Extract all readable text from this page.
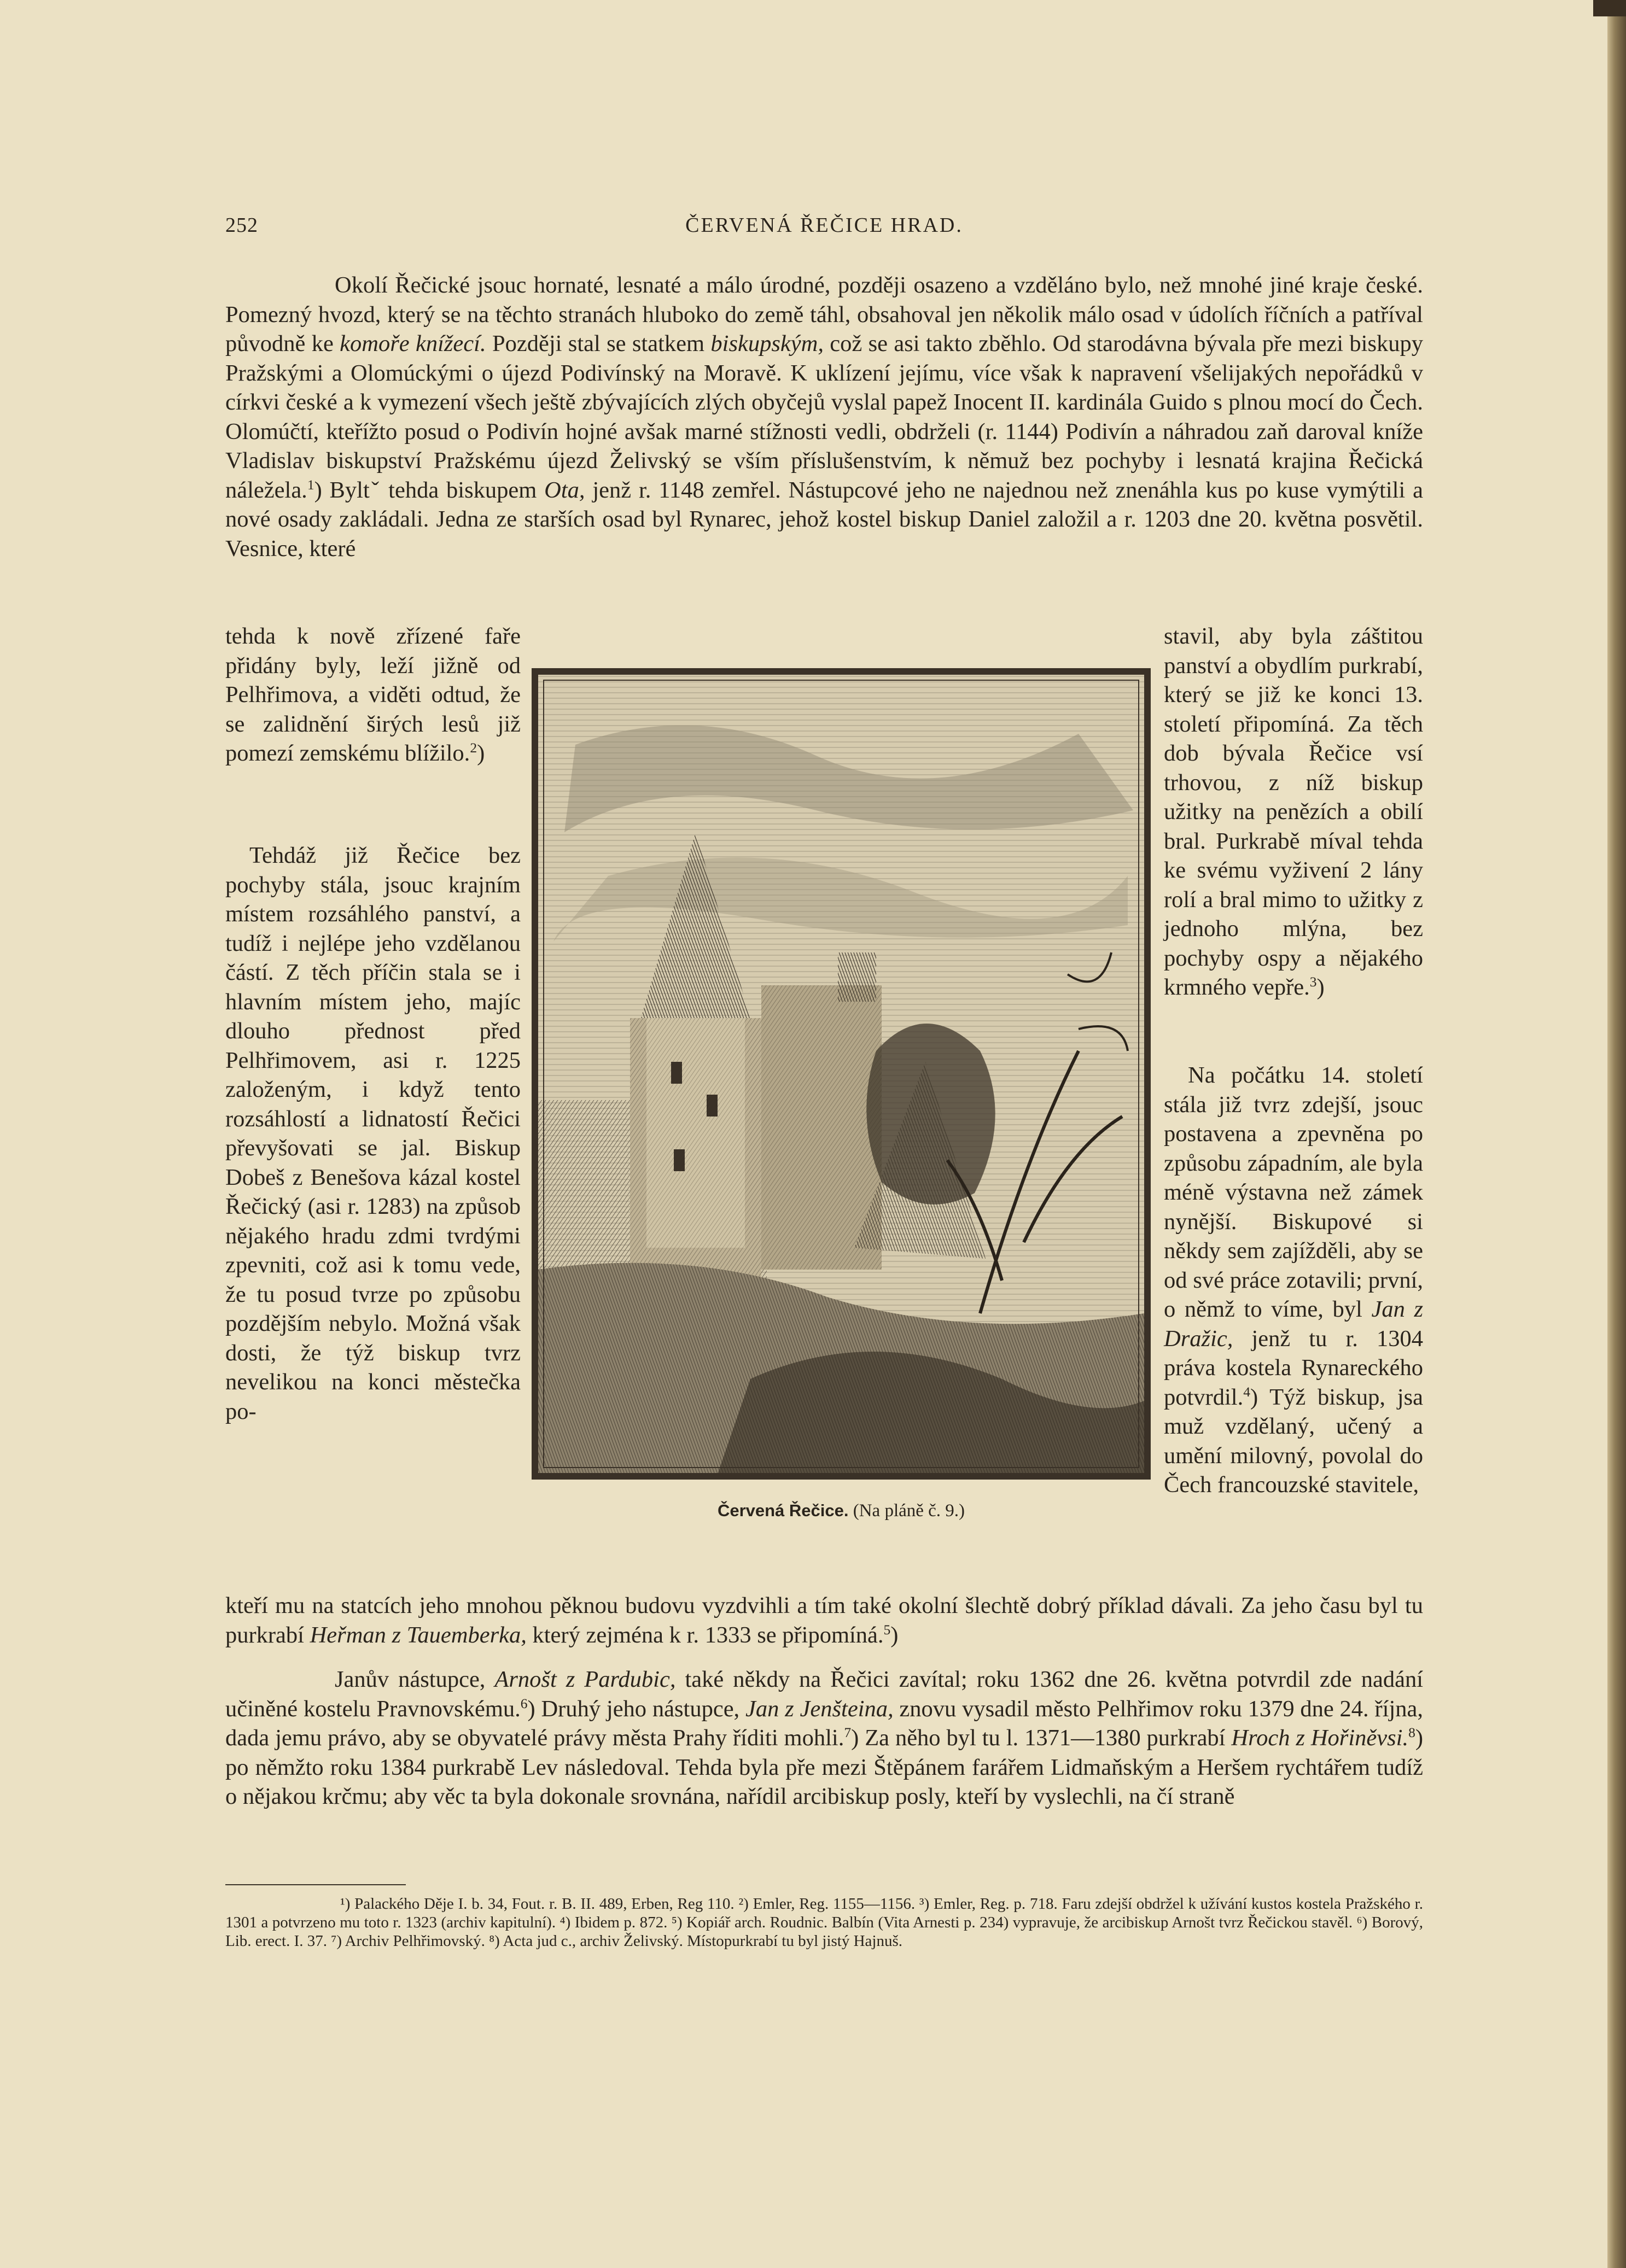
252	ČERVENÁ ŘEČICE HRAD.

Okolí Řečické jsouc hornaté, lesnaté a málo úrodné, později osazeno a vzděláno bylo, než mnohé jiné kraje české. Pomezný hvozd, který se na těchto stranách hluboko do země táhl, obsahoval jen několik málo osad v údolích říčních a patříval původně ke komoře knížecí. Později stal se statkem biskupským, což se asi takto zběhlo. Od starodávna bývala pře mezi biskupy Pražskými a Olomúckými o újezd Podivínský na Moravě. K uklízení jejímu, více však k napravení všelijakých nepořádků v církvi české a k vymezení všech ještě zbývajících zlých obyčejů vyslal papež Inocent II. kardinála Guido s plnou mocí do Čech. Olomúčtí, kteřížto posud o Podivín hojné avšak marné stížnosti vedli, obdrželi (r. 1144) Podivín a náhradou zaň daroval kníže Vladislav biskupství Pražskému újezd Želivský se vším příslušenstvím, k němuž bez pochyby i lesnatá krajina Řečická náležela.$^1$) Byltˇ tehda biskupem Ota, jenž r. 1148 zemřel. Nástupcové jeho ne najednou než znenáhla kus po kuse vymýtili a nové osady zakládali. Jedna ze starších osad byl Rynarec, jehož kostel biskup Daniel založil a r. 1203 dne 20. května posvětil. Vesnice, které

tehda k nově zřízené faře přidány byly, leží jižně od Pelhřimova, a viděti odtud, že se zalidnění širých lesů již pomezí zemskému blížilo.$^2$)

Tehdáž již Řečice bez pochyby stála, jsouc krajním místem rozsáhlého panství, a tudíž i nejlépe jeho vzdělanou částí. Z těch příčin stala se i hlavním místem jeho, majíc dlouho přednost před Pelhřimovem, asi r. 1225 založeným, i když tento rozsáhlostí a lidnatostí Řečici převyšovati se jal. Biskup Dobeš z Benešova kázal kostel Řečický (asi r. 1283) na způsob nějakého hradu zdmi tvrdými zpevniti, což asi k tomu vede, že tu posud tvrze po způsobu pozdějším nebylo. Možná však dosti, že týž biskup tvrz nevelikou na konci městečka po-

stavil, aby byla záštitou panství a obydlím purkrabí, který se již ke konci 13. století připomíná. Za těch dob bývala Řečice vsí trhovou, z níž biskup užitky na penězích a obilí bral. Purkrabě míval tehda ke svému vyživení 2 lány rolí a bral mimo to užitky z jednoho mlýna, bez pochyby ospy a nějakého krmného vepře.$^3$)

Na počátku 14. století stála již tvrz zdejší, jsouc postavena a zpevněna po způsobu západním, ale byla méně výstavna než zámek nynější. Biskupové si někdy sem zajížděli, aby se od své práce zotavili; první, o němž to víme, byl Jan z Dražic, jenž tu r. 1304 práva kostela Rynareckého potvrdil.$^4$) Týž biskup, jsa muž vzdělaný, učený a umění milovný, povolal do Čech francouzské stavitele,

Červená Řečice. (Na pláně č. 9.)

kteří mu na statcích jeho mnohou pěknou budovu vyzdvihli a tím také okolní šlechtě dobrý příklad dávali. Za jeho času byl tu purkrabí Heřman z Tauemberka, který zejména k r. 1333 se připomíná.$^5$)

Janův nástupce, Arnošt z Pardubic, také někdy na Řečici zavítal; roku 1362 dne 26. května potvrdil zde nadání učiněné kostelu Pravnovskému.$^6$) Druhý jeho nástupce, Jan z Jenšteina, znovu vysadil město Pelhřimov roku 1379 dne 24. října, dada jemu právo, aby se obyvatelé právy města Prahy říditi mohli.$^7$) Za něho byl tu l. 1371—1380 purkrabí Hroch z Hořiněvsi.$^8$) po němžto roku 1384 purkrabě Lev následoval. Tehda byla pře mezi Štěpánem farářem Lidmaňským a Heršem rychtářem tudíž o nějakou krčmu; aby věc ta byla dokonale srovnána, nařídil arcibiskup posly, kteří by vyslechli, na čí straně

¹) Palackého Děje I. b. 34, Fout. r. B. II. 489, Erben, Reg 110. ²) Emler, Reg. 1155—1156. ³) Emler, Reg. p. 718. Faru zdejší obdržel k užívání kustos kostela Pražského r. 1301 a potvrzeno mu toto r. 1323 (archiv kapitulní). ⁴) Ibidem p. 872. ⁵) Kopiář arch. Roudnic. Balbín (Vita Arnesti p. 234) vypravuje, že arcibiskup Arnošt tvrz Řečickou stavěl. ⁶) Borový, Lib. erect. I. 37. ⁷) Archiv Pelhřimovský. ⁸) Acta jud c., archiv Želivský. Místopurkrabí tu byl jistý Hajnuš.
